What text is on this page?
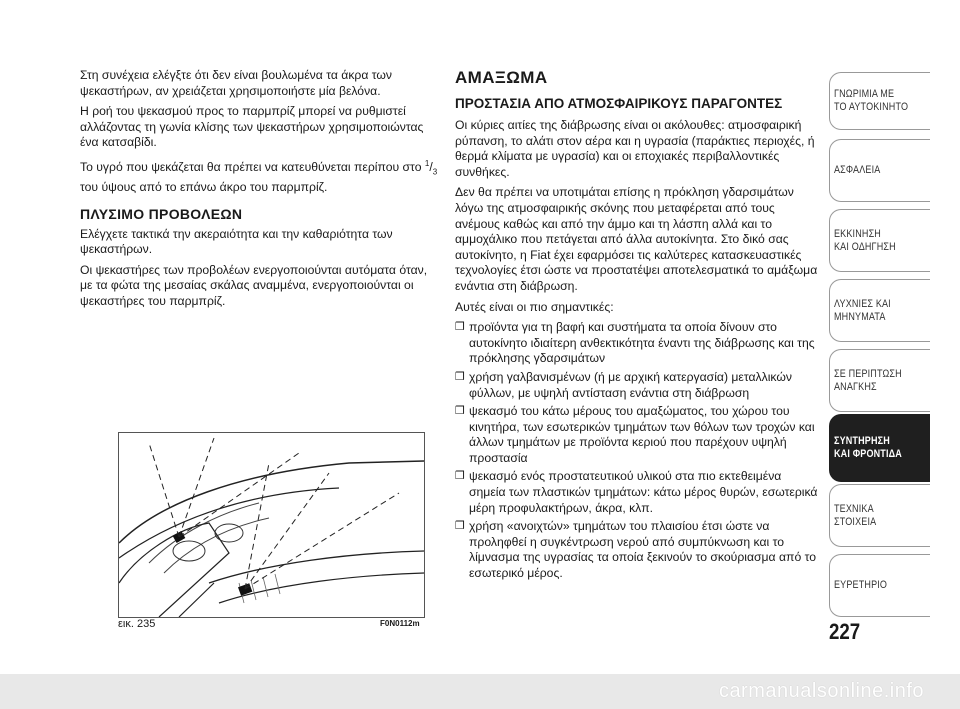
Στη συνέχεια ελέγξτε ότι δεν είναι βουλωμένα τα άκρα των ψεκαστήρων, αν χρειάζεται χρησιμοποιήστε μία βελόνα.

Η ροή του ψεκασμού προς το παρμπρίζ μπορεί να ρυθμιστεί αλλάζοντας τη γωνία κλίσης των ψεκαστήρων χρησιμοποιώντας ένα κατσαβίδι.

Το υγρό που ψεκάζεται θα πρέπει να κατευθύνεται περίπου στο $^1/_3$ του ύψους από το επάνω άκρο του παρμπρίζ.

ΠΛΥΣΙΜΟ ΠΡΟΒΟΛΕΩΝ

Ελέγχετε τακτικά την ακεραιότητα και την καθαριότητα των ψεκαστήρων.

Οι ψεκαστήρες των προβολέων ενεργοποιούνται αυτόματα όταν, με τα φώτα της μεσαίας σκάλας αναμμένα, ενεργοποιούνται οι ψεκαστήρες του παρμπρίζ.

εικ. 235	F0N0112m
ΑΜΑΞΩΜΑ
ΠΡΟΣΤΑΣΙΑ ΑΠΟ ΑΤΜΟΣΦΑΙΡΙΚΟΥΣ ΠΑΡΑΓΟΝΤΕΣ

Οι κύριες αιτίες της διάβρωσης είναι οι ακόλουθες: ατμοσφαιρική ρύπανση, το αλάτι στον αέρα και η υγρασία (παράκτιες περιοχές, ή θερμά κλίματα με υγρασία) και οι εποχιακές περιβαλλοντικές συνθήκες.

Δεν θα πρέπει να υποτιμάται επίσης η πρόκληση γδαρσιμάτων λόγω της ατμοσφαιρικής σκόνης που μεταφέρεται από τους ανέμους καθώς και από την άμμο και τη λάσπη αλλά και το αμμοχάλικο που πετάγεται από άλλα αυτοκίνητα. Στο δικό σας αυτοκίνητο, η Fiat έχει εφαρμόσει τις καλύτερες κατασκευαστικές τεχνολογίες έτσι ώστε να προστατέψει αποτελεσματικά το αμάξωμα ενάντια στη διάβρωση.

Αυτές είναι οι πιο σημαντικές:

❒ προϊόντα για τη βαφή και συστήματα τα οποία δίνουν στο αυτοκίνητο ιδιαίτερη ανθεκτικότητα έναντι της διάβρωσης και της πρόκλησης γδαρσιμάτων
❒ χρήση γαλβανισμένων (ή με αρχική κατεργασία) μεταλλικών φύλλων, με υψηλή αντίσταση ενάντια στη διάβρωση
❒ ψεκασμό του κάτω μέρους του αμαξώματος, του χώρου του κινητήρα, των εσωτερικών τμημάτων των θόλων των τροχών και άλλων τμημάτων με προϊόντα κεριού που παρέχουν υψηλή προστασία
❒ ψεκασμό ενός προστατευτικού υλικού στα πιο εκτεθειμένα σημεία των πλαστικών τμημάτων: κάτω μέρος θυρών, εσωτερικά μέρη προφυλακτήρων, άκρα, κλπ.
❒ χρήση «ανοιχτών» τμημάτων του πλαισίου έτσι ώστε να προληφθεί η συγκέντρωση νερού από συμπύκνωση και το λίμνασμα της υγρασίας τα οποία ξεκινούν το σκούριασμα από το εσωτερικό μέρος.
ΓΝΩΡΙΜΙΑ ΜΕ
ΤΟ ΑΥΤΟΚΙΝΗΤΟ
ΑΣΦΑΛΕΙΑ
ΕΚΚΙΝΗΣΗ
ΚΑΙ ΟΔΗΓΗΣΗ
ΛΥΧΝΙΕΣ ΚΑΙ
ΜΗΝΥΜΑΤΑ
ΣΕ ΠΕΡΙΠΤΩΣΗ
ΑΝΑΓΚΗΣ
ΣΥΝΤΗΡΗΣΗ
ΚΑΙ ΦΡΟΝΤΙΔΑ
ΤΕΧΝΙΚΑ
ΣΤΟΙΧΕΙΑ
ΕΥΡΕΤΗΡΙΟ
227
carmanualsonline.info
